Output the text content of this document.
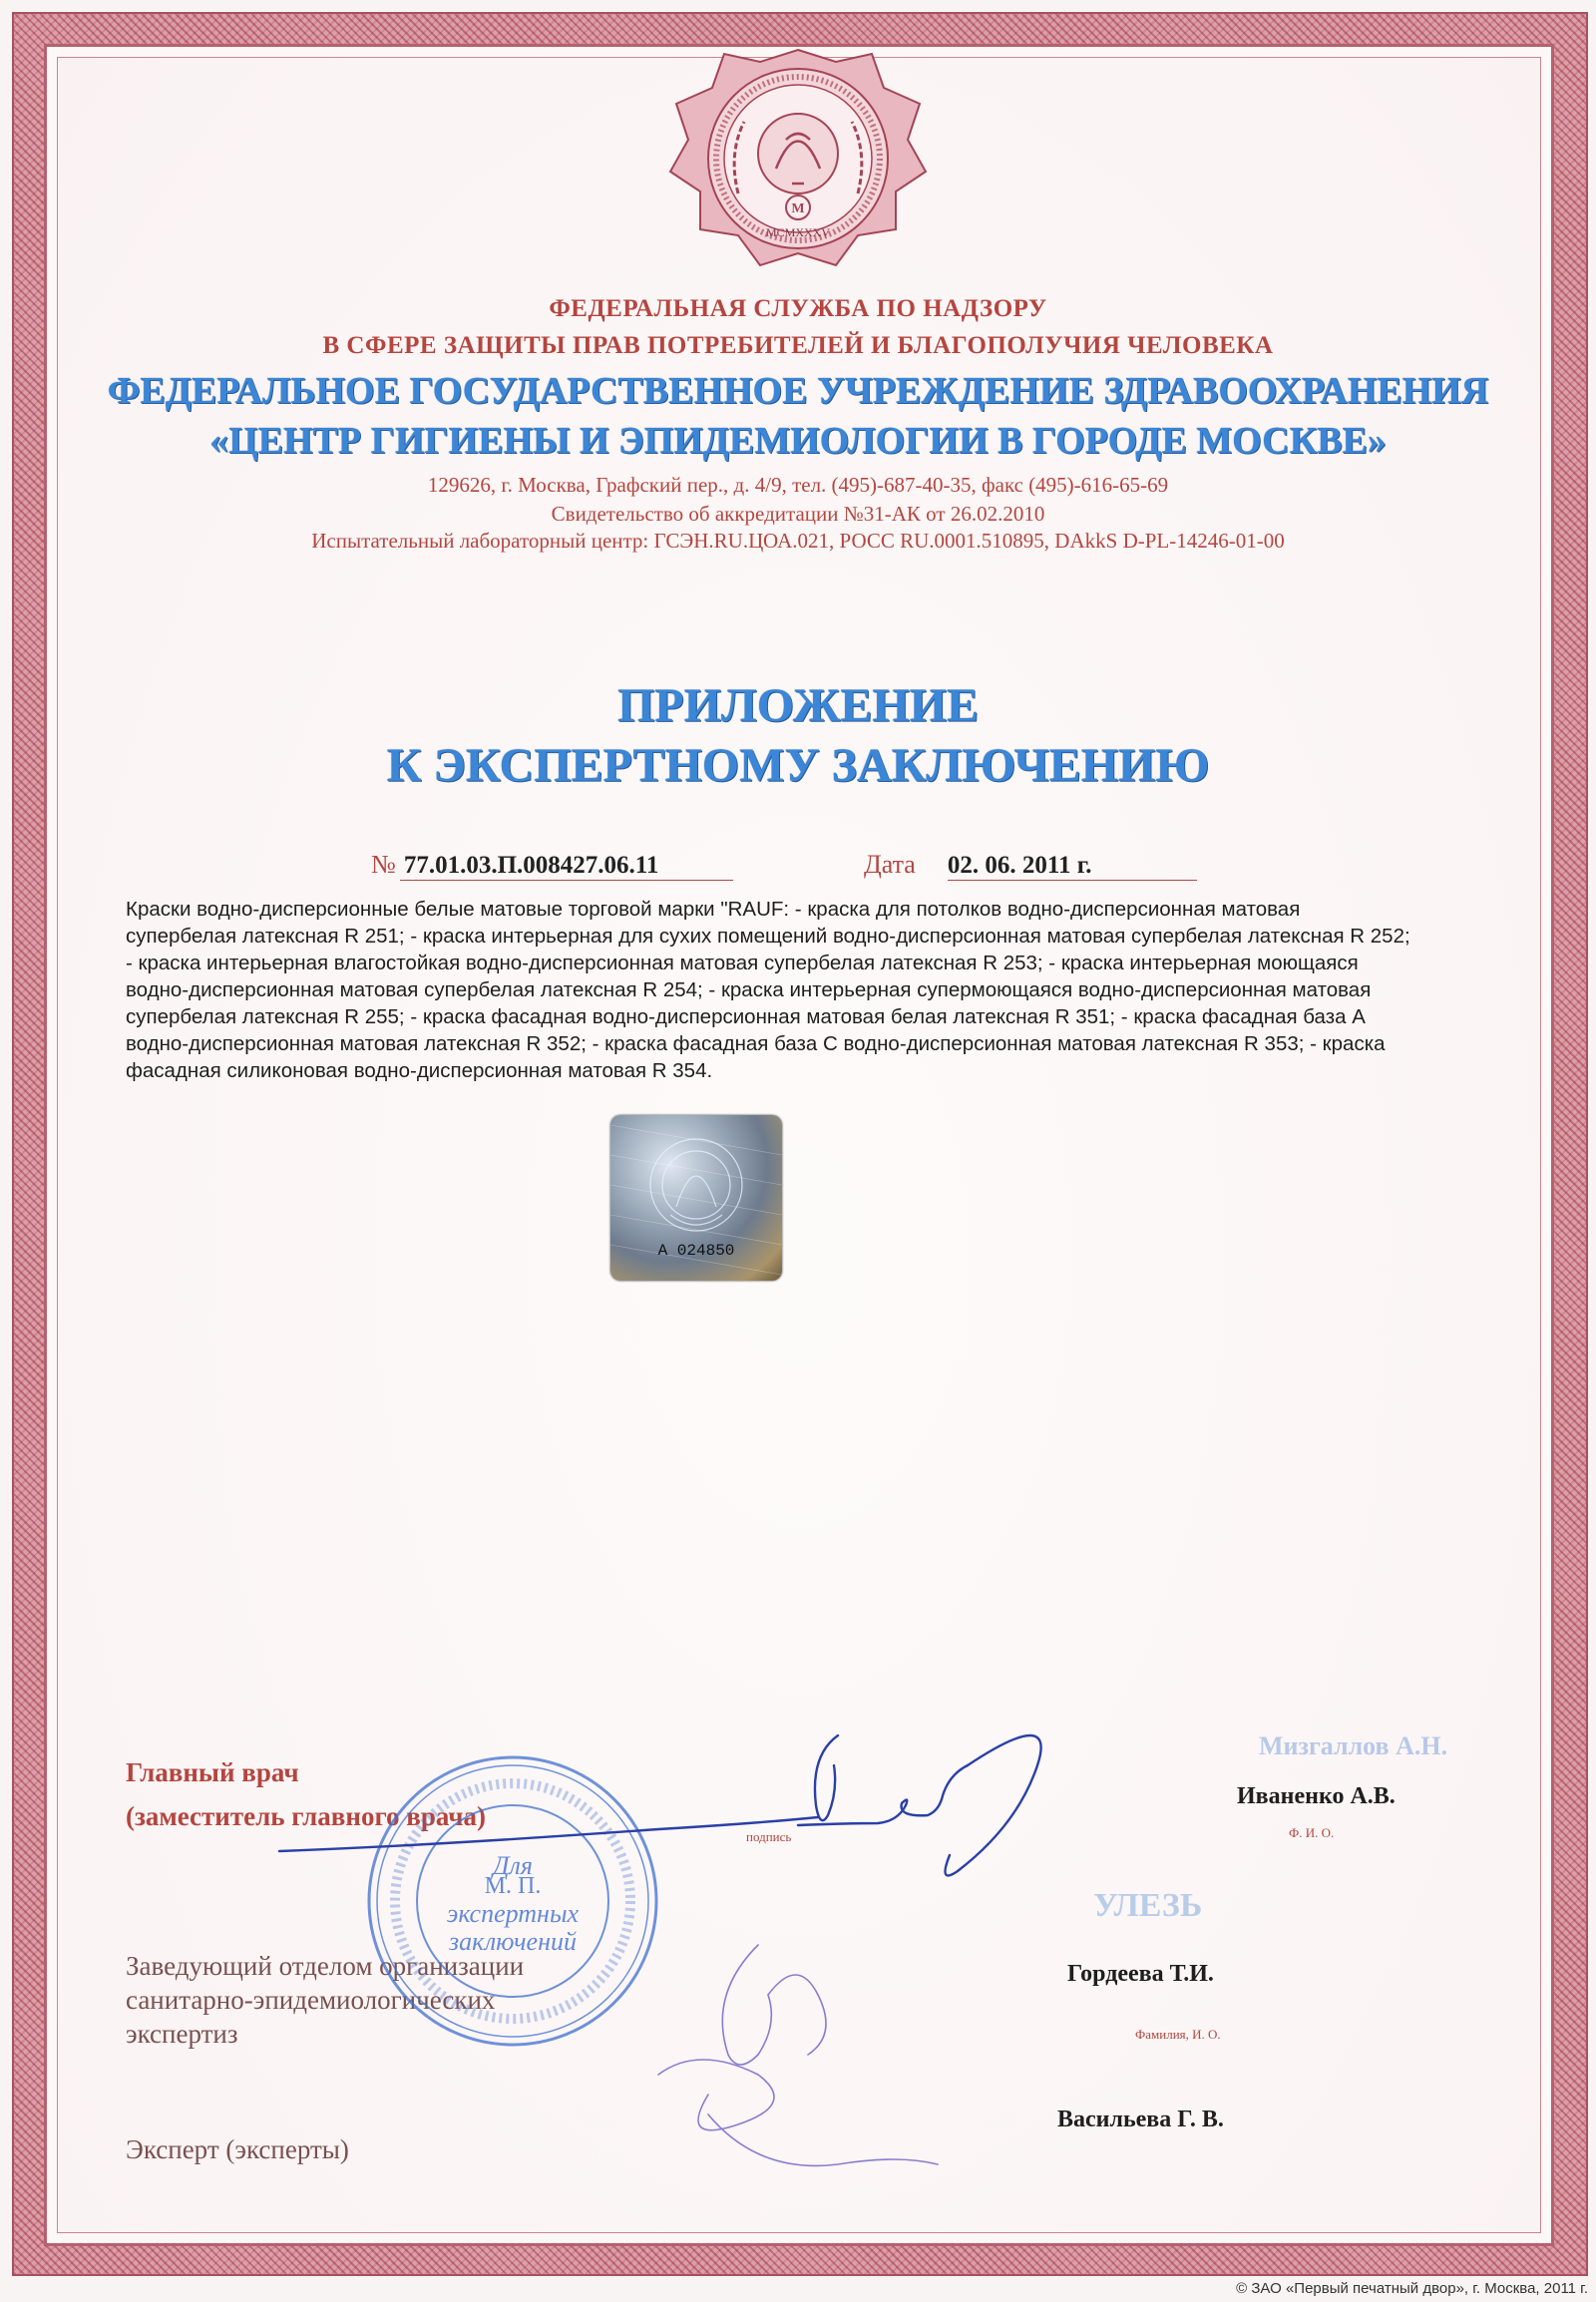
M
MCMXXXV
ФЕДЕРАЛЬНАЯ СЛУЖБА ПО НАДЗОРУ
В СФЕРЕ ЗАЩИТЫ ПРАВ ПОТРЕБИТЕЛЕЙ И БЛАГОПОЛУЧИЯ ЧЕЛОВЕКА
ФЕДЕРАЛЬНОЕ ГОСУДАРСТВЕННОЕ УЧРЕЖДЕНИЕ ЗДРАВООХРАНЕНИЯ
«ЦЕНТР ГИГИЕНЫ И ЭПИДЕМИОЛОГИИ В ГОРОДЕ МОСКВЕ»
129626, г. Москва, Графский пер., д. 4/9, тел. (495)-687-40-35, факс (495)-616-65-69
Свидетельство об аккредитации №31-АК от 26.02.2010
Испытательный лабораторный центр: ГСЭН.RU.ЦОА.021, РОСС RU.0001.510895, DAkkS D-PL-14246-01-00
ПРИЛОЖЕНИЕ
К ЭКСПЕРТНОМУ ЗАКЛЮЧЕНИЮ
№ 77.01.03.П.008427.06.11	Дата 02. 06. 2011 г.
Краски водно-дисперсионные белые матовые торговой марки "RAUF: - краска для потолков водно-дисперсионная матовая
супербелая латексная R 251; - краска интерьерная для сухих помещений водно-дисперсионная матовая супербелая латексная R 252;
- краска интерьерная влагостойкая водно-дисперсионная матовая супербелая латексная R 253; - краска интерьерная моющаяся
водно-дисперсионная матовая супербелая латексная R 254; - краска интерьерная супермоющаяся водно-дисперсионная матовая
супербелая латексная R 255; - краска фасадная водно-дисперсионная матовая белая латексная R 351; - краска фасадная база А
водно-дисперсионная матовая латексная R 352; - краска фасадная база С водно-дисперсионная матовая латексная R 353; - краска
фасадная силиконовая водно-дисперсионная матовая R 354.
А 024850
Главный врач
(заместитель главного врача)
подпись
Мизгаллов А.Н.
Иваненко А.В.
Ф. И. О.
УЛЕЗЬ
Заведующий отделом организации
санитарно-эпидемиологических
экспертиз
Гордеева Т.И.
Фамилия, И. О.
Эксперт (эксперты)
Васильева Г. В.
Для
М. П.
экспертных
заключений
© ЗАО «Первый печатный двор», г. Москва, 2011 г.
